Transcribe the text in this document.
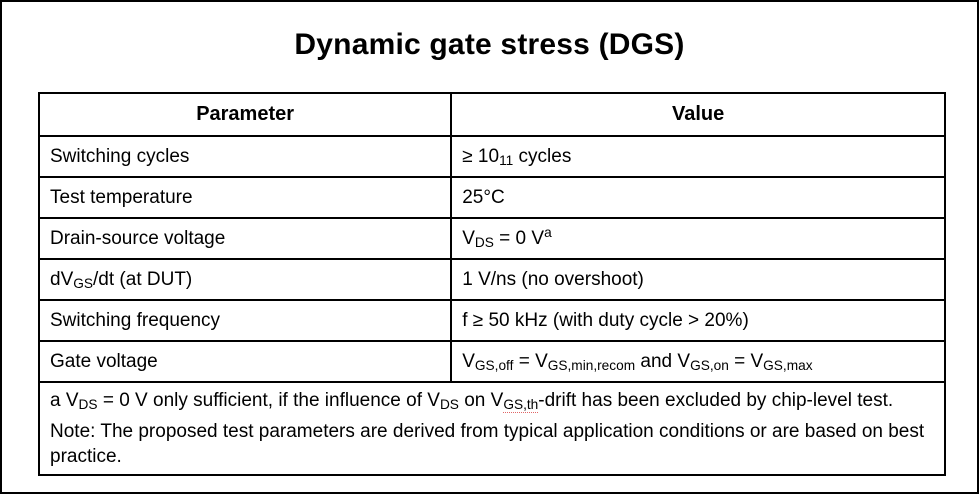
Dynamic gate stress (DGS)
Parameter	Value
Switching cycles	≥ $10_{11}$ cycles
Test temperature	25°C
Drain-source voltage	$V_{DS} = 0$ $V^a$
$dV_{GS}/dt$ (at DUT)	1 V/ns (no overshoot)
Switching frequency	f ≥ 50 kHz (with duty cycle > 20%)
Gate voltage	$V_{GS,off} = V_{GS,min,recom}$ and $V_{GS,on} = V_{GS,max}$

a $V_{DS} = 0$ V only sufficient, if the influence of $V_{DS}$ on $V_{GS,th}$-drift has been excluded by chip-level test.
Note: The proposed test parameters are derived from typical application conditions or are based on best practice.	
